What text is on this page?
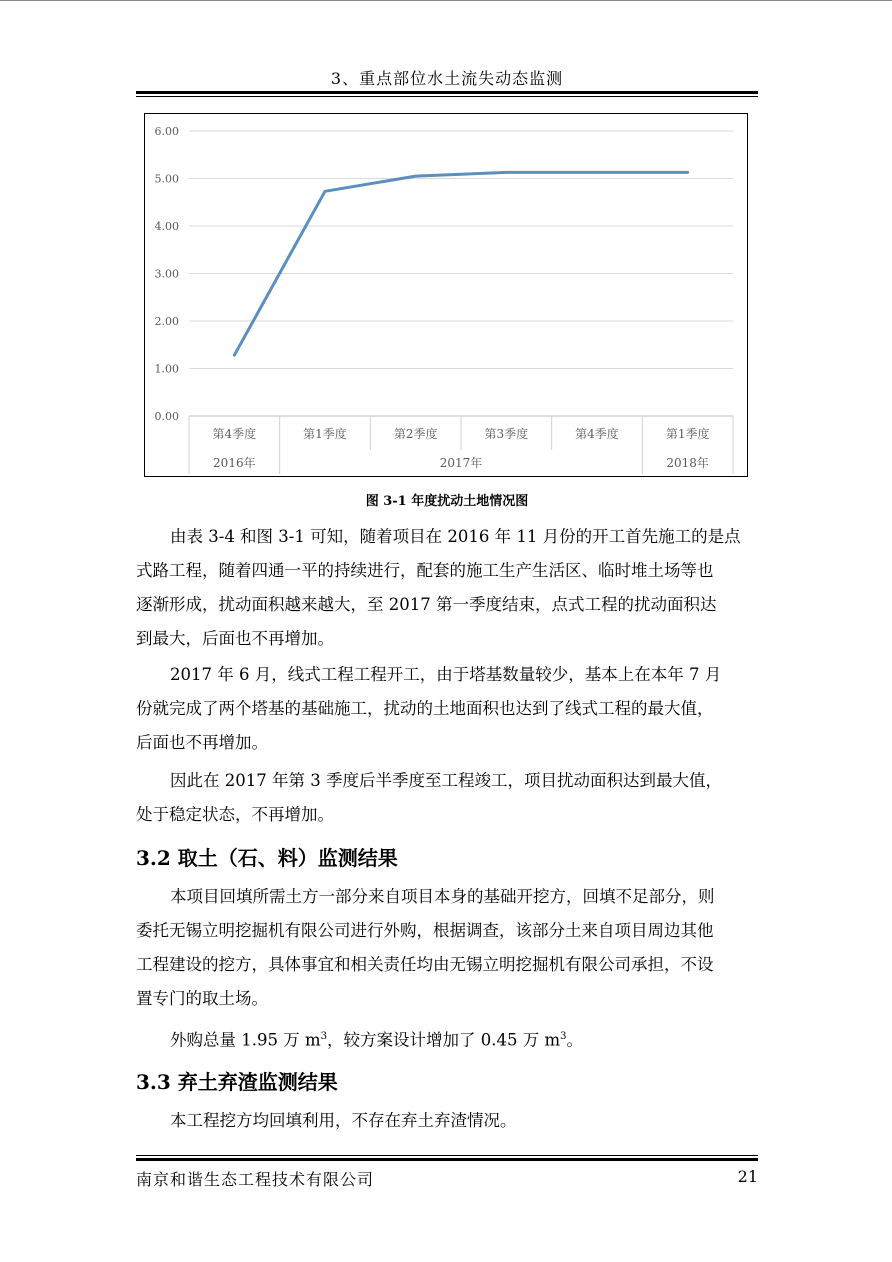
3、重点部位水土流失动态监测
0.00
1.00
2.00
3.00
4.00
5.00
6.00
第4季度	第1季度	第2季度	第3季度	第4季度	第1季度
2016年	2017年	2018年
图 3-1 年度扰动土地情况图
由表 3-4 和图 3-1 可知，随着项目在 2016 年 11 月份的开工首先施工的是点
式路工程，随着四通一平的持续进行，配套的施工生产生活区、临时堆土场等也
逐渐形成，扰动面积越来越大，至 2017 第一季度结束，点式工程的扰动面积达
到最大，后面也不再增加。
2017 年 6 月，线式工程工程开工，由于塔基数量较少，基本上在本年 7 月
份就完成了两个塔基的基础施工，扰动的土地面积也达到了线式工程的最大值，
后面也不再增加。
因此在 2017 年第 3 季度后半季度至工程竣工，项目扰动面积达到最大值，
处于稳定状态，不再增加。
3.2 取土（石、料）监测结果
本项目回填所需土方一部分来自项目本身的基础开挖方，回填不足部分，则
委托无锡立明挖掘机有限公司进行外购，根据调查，该部分土来自项目周边其他
工程建设的挖方，具体事宜和相关责任均由无锡立明挖掘机有限公司承担，不设
置专门的取土场。
外购总量 1.95 万 $m^3$，较方案设计增加了 0.45 万 $m^3$。
3.3 弃土弃渣监测结果
本工程挖方均回填利用，不存在弃土弃渣情况。
南京和谐生态工程技术有限公司	21
